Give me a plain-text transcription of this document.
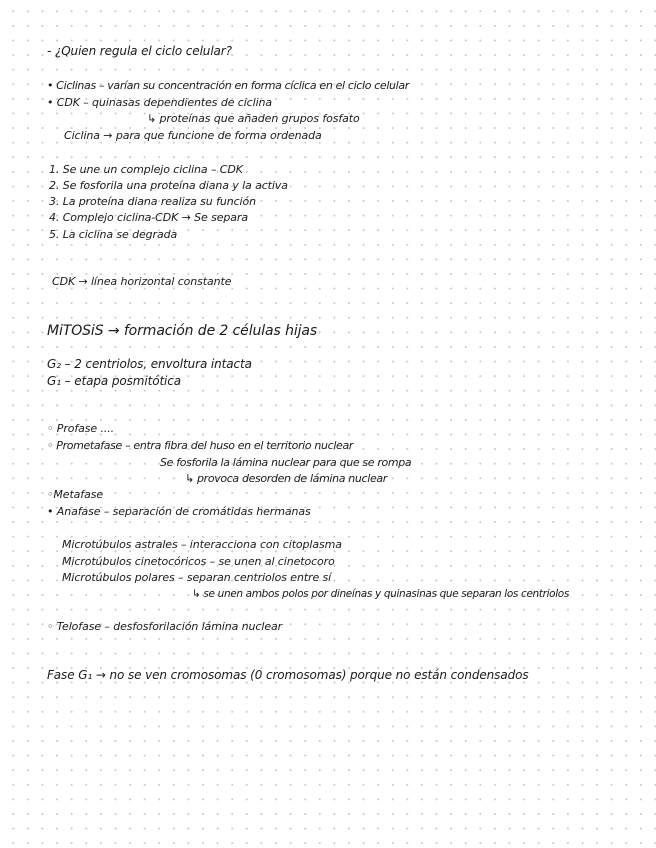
- ¿Quien regula el ciclo celular?
• Ciclinas – varían su concentración en forma cíclica en el ciclo celular
• CDK – quinasas dependientes de ciclina
↳ proteínas que añaden grupos fosfato
Ciclina → para que funcione de forma ordenada
1. Se une un complejo ciclina – CDK
2. Se fosforila una proteína diana y la activa
3. La proteína diana realiza su función
4. Complejo ciclina-CDK → Se separa
5. La ciclina se degrada
CDK → línea horizontal constante
MiTOSiS → formación de 2 células hijas
G₂ – 2 centriolos, envoltura intacta
G₁ – etapa posmitótica
◦ Profase ....
◦ Prometafase – entra fibra del huso en el territorio nuclear
Se fosforila la lámina nuclear para que se rompa
↳ provoca desorden de lámina nuclear
◦Metafase
• Anafase – separación de cromátidas hermanas
Microtúbulos astrales – interacciona con citoplasma
Microtúbulos cinetocóricos – se unen al cinetocoro
Microtúbulos polares – separan centriolos entre sí
↳ se unen ambos polos por dineínas y quinasinas que separan los centriolos
◦ Telofase – desfosforilación lámina nuclear
Fase G₁ → no se ven cromosomas (0 cromosomas) porque no están condensados
